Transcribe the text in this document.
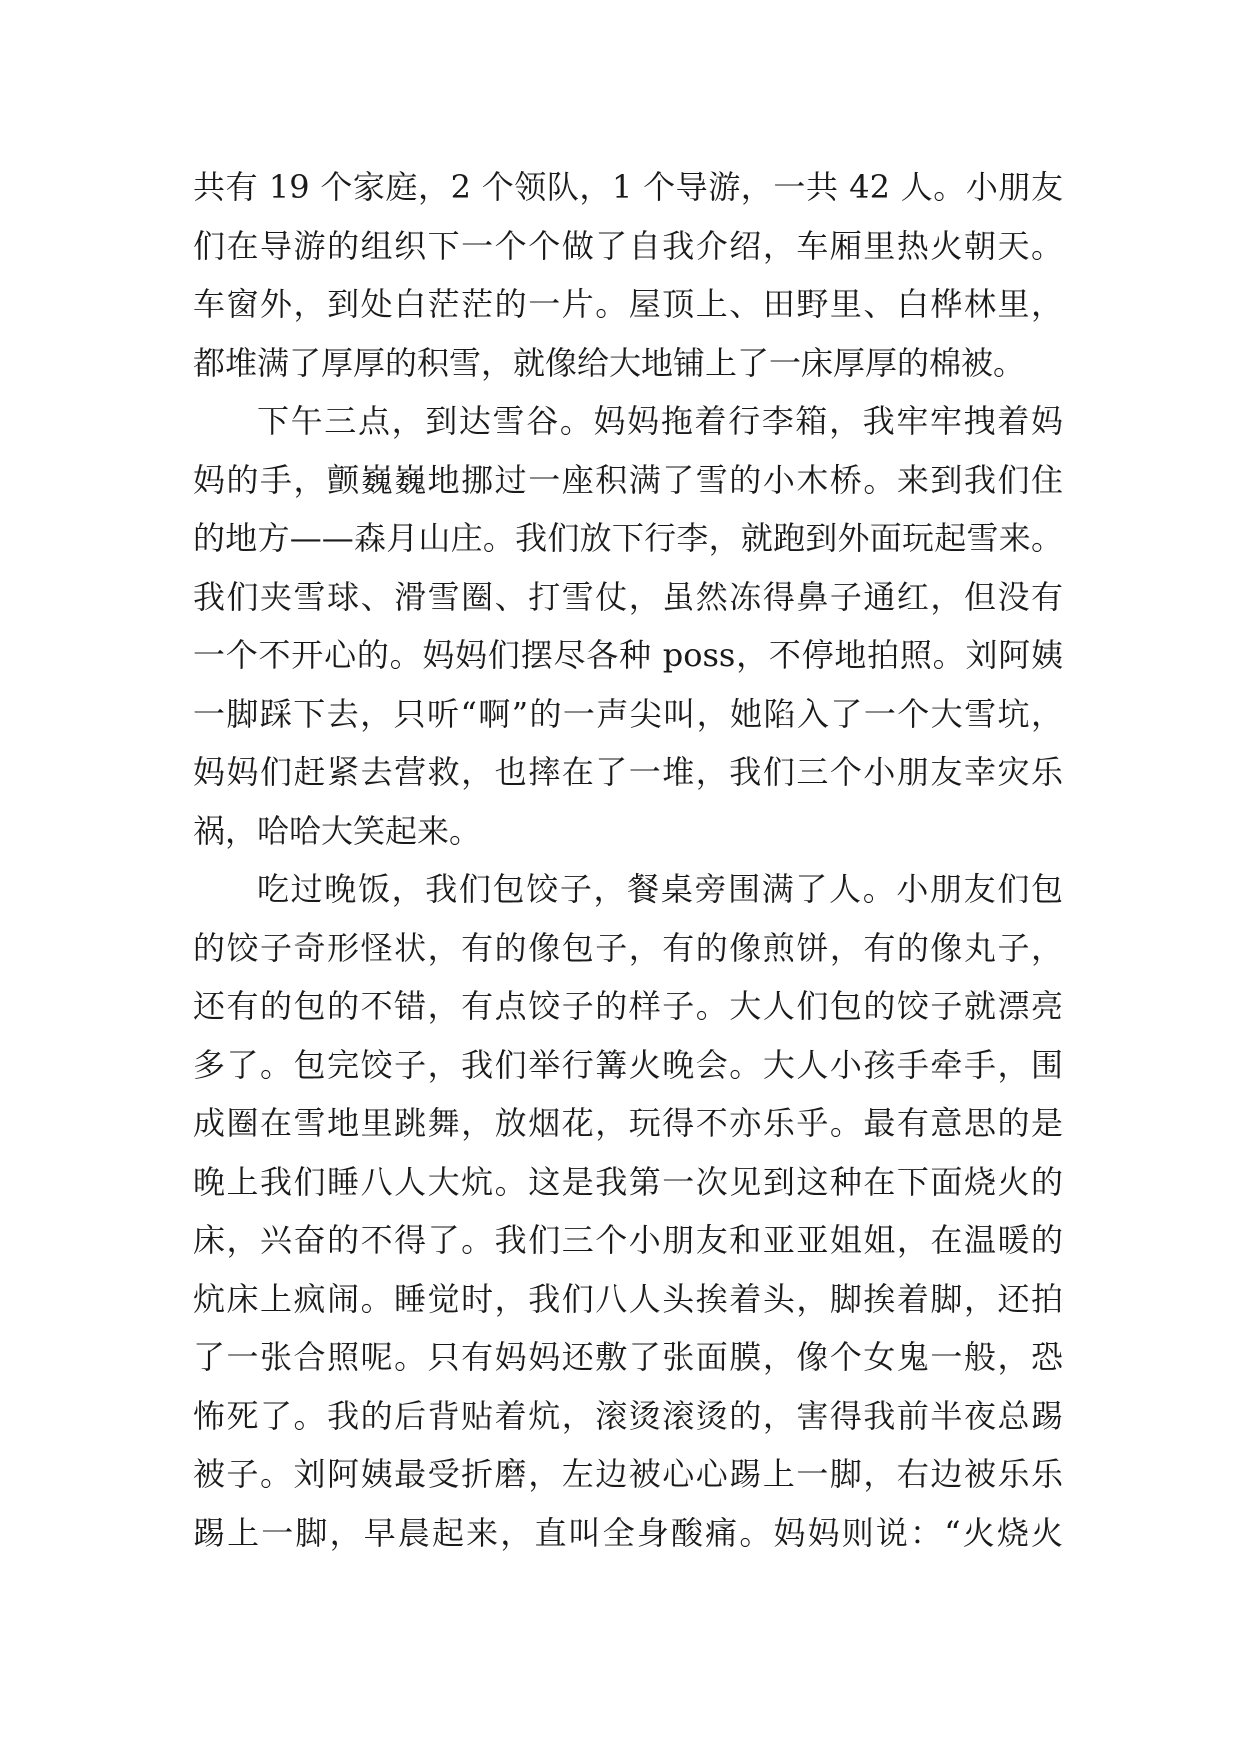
共有 19 个家庭，2 个领队，1 个导游，一共 42 人。小朋友
们在导游的组织下一个个做了自我介绍，车厢里热火朝天。
车窗外，到处白茫茫的一片。屋顶上、田野里、白桦林里，
都堆满了厚厚的积雪，就像给大地铺上了一床厚厚的棉被。
下午三点，到达雪谷。妈妈拖着行李箱，我牢牢拽着妈
妈的手，颤巍巍地挪过一座积满了雪的小木桥。来到我们住
的地方——森月山庄。我们放下行李，就跑到外面玩起雪来。
我们夹雪球、滑雪圈、打雪仗，虽然冻得鼻子通红，但没有
一个不开心的。妈妈们摆尽各种 poss，不停地拍照。刘阿姨
一脚踩下去，只听“啊”的一声尖叫，她陷入了一个大雪坑，
妈妈们赶紧去营救，也摔在了一堆，我们三个小朋友幸灾乐
祸，哈哈大笑起来。
吃过晚饭，我们包饺子，餐桌旁围满了人。小朋友们包
的饺子奇形怪状，有的像包子，有的像煎饼，有的像丸子，
还有的包的不错，有点饺子的样子。大人们包的饺子就漂亮
多了。包完饺子，我们举行篝火晚会。大人小孩手牵手，围
成圈在雪地里跳舞，放烟花，玩得不亦乐乎。最有意思的是
晚上我们睡八人大炕。这是我第一次见到这种在下面烧火的
床，兴奋的不得了。我们三个小朋友和亚亚姐姐，在温暖的
炕床上疯闹。睡觉时，我们八人头挨着头，脚挨着脚，还拍
了一张合照呢。只有妈妈还敷了张面膜，像个女鬼一般，恐
怖死了。我的后背贴着炕，滚烫滚烫的，害得我前半夜总踢
被子。刘阿姨最受折磨，左边被心心踢上一脚，右边被乐乐
踢上一脚，早晨起来，直叫全身酸痛。妈妈则说：“火烧火
